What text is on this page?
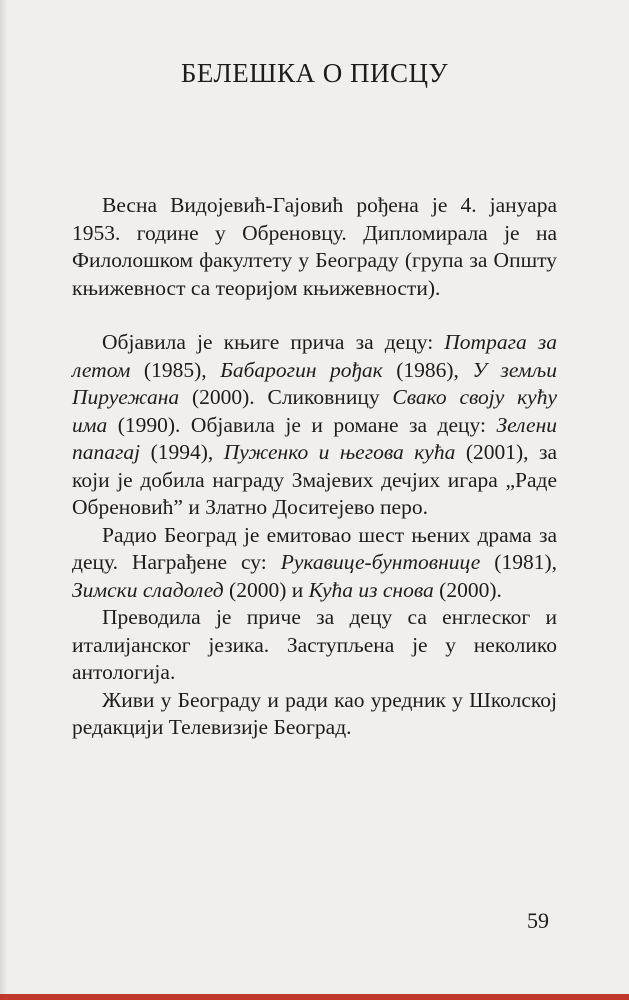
БЕЛЕШКА О ПИСЦУ

Весна Видојевић-Гајовић рођена је 4. јануара 1953. године у Обреновцу. Дипломирала је на Филолошком факултету у Београду (група за Општу књижевност са теоријом књижевности).

Објавила је књиге прича за децу: Потрага за летом (1985), Бабарогин рођак (1986), У земљи Пируежана (2000). Сликовницу Свако своју кућу има (1990). Објавила је и романе за децу: Зелени папагај (1994), Пуженко и његова кућа (2001), за који је добила награду Змајевих дечјих игара „Раде Обреновић” и Златно Доситејево перо.

Радио Београд је емитовао шест њених драма за децу. Награђене су: Рукавице-бунтовнице (1981), Зимски сладолед (2000) и Кућа из снова (2000).

Преводила је приче за децу са енглеског и италијанског језика. Заступљена је у неколико антологија.

Живи у Београду и ради као уредник у Школској редакцији Телевизије Београд.

59
